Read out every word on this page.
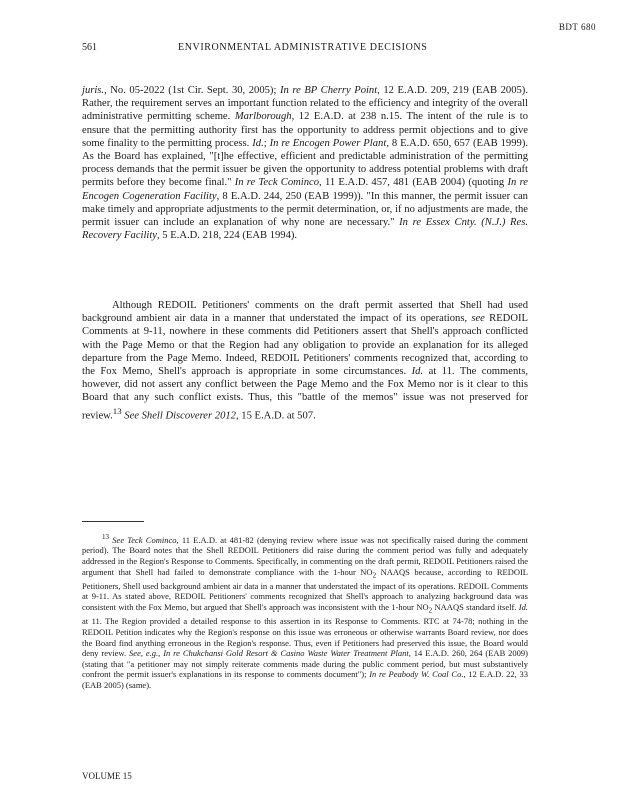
BDT 680
561	ENVIRONMENTAL ADMINISTRATIVE DECISIONS

juris., No. 05-2022 (1st Cir. Sept. 30, 2005); In re BP Cherry Point, 12 E.A.D. 209, 219 (EAB 2005). Rather, the requirement serves an important function related to the efficiency and integrity of the overall administrative permitting scheme. Marlborough, 12 E.A.D. at 238 n.15. The intent of the rule is to ensure that the permitting authority first has the opportunity to address permit objections and to give some finality to the permitting process. Id.; In re Encogen Power Plant, 8 E.A.D. 650, 657 (EAB 1999). As the Board has explained, "[t]he effective, efficient and predictable administration of the permitting process demands that the permit issuer be given the opportunity to address potential problems with draft permits before they become final." In re Teck Cominco, 11 E.A.D. 457, 481 (EAB 2004) (quoting In re Encogen Cogeneration Facility, 8 E.A.D. 244, 250 (EAB 1999)). "In this manner, the permit issuer can make timely and appropriate adjustments to the permit determination, or, if no adjustments are made, the permit issuer can include an explanation of why none are necessary." In re Essex Cnty. (N.J.) Res. Recovery Facility, 5 E.A.D. 218, 224 (EAB 1994).

Although REDOIL Petitioners' comments on the draft permit asserted that Shell had used background ambient air data in a manner that understated the impact of its operations, see REDOIL Comments at 9-11, nowhere in these comments did Petitioners assert that Shell's approach conflicted with the Page Memo or that the Region had any obligation to provide an explanation for its alleged departure from the Page Memo. Indeed, REDOIL Petitioners' comments recognized that, according to the Fox Memo, Shell's approach is appropriate in some circumstances. Id. at 11. The comments, however, did not assert any conflict between the Page Memo and the Fox Memo nor is it clear to this Board that any such conflict exists. Thus, this "battle of the memos" issue was not preserved for review.$^{13}$ See Shell Discoverer 2012, 15 E.A.D. at 507.

$^{13}$ See Teck Cominco, 11 E.A.D. at 481-82 (denying review where issue was not specifically raised during the comment period). The Board notes that the Shell REDOIL Petitioners did raise during the comment period was fully and adequately addressed in the Region's Response to Comments. Specifically, in commenting on the draft permit, REDOIL Petitioners raised the argument that Shell had failed to demonstrate compliance with the 1-hour $NO_2$ NAAQS because, according to REDOIL Petitioners, Shell used background ambient air data in a manner that understated the impact of its operations. REDOIL Comments at 9-11. As stated above, REDOIL Petitioners' comments recognized that Shell's approach to analyzing background data was consistent with the Fox Memo, but argued that Shell's approach was inconsistent with the 1-hour $NO_2$ NAAQS standard itself. Id. at 11. The Region provided a detailed response to this assertion in its Response to Comments. RTC at 74-78; nothing in the REDOIL Petition indicates why the Region's response on this issue was erroneous or otherwise warrants Board review, nor does the Board find anything erroneous in the Region's response. Thus, even if Petitioners had preserved this issue, the Board would deny review. See, e.g., In re Chukchansi Gold Resort & Casino Waste Water Treatment Plant, 14 E.A.D. 260, 264 (EAB 2009) (stating that "a petitioner may not simply reiterate comments made during the public comment period, but must substantively confront the permit issuer's explanations in its response to comments document"); In re Peabody W. Coal Co., 12 E.A.D. 22, 33 (EAB 2005) (same).

VOLUME 15
